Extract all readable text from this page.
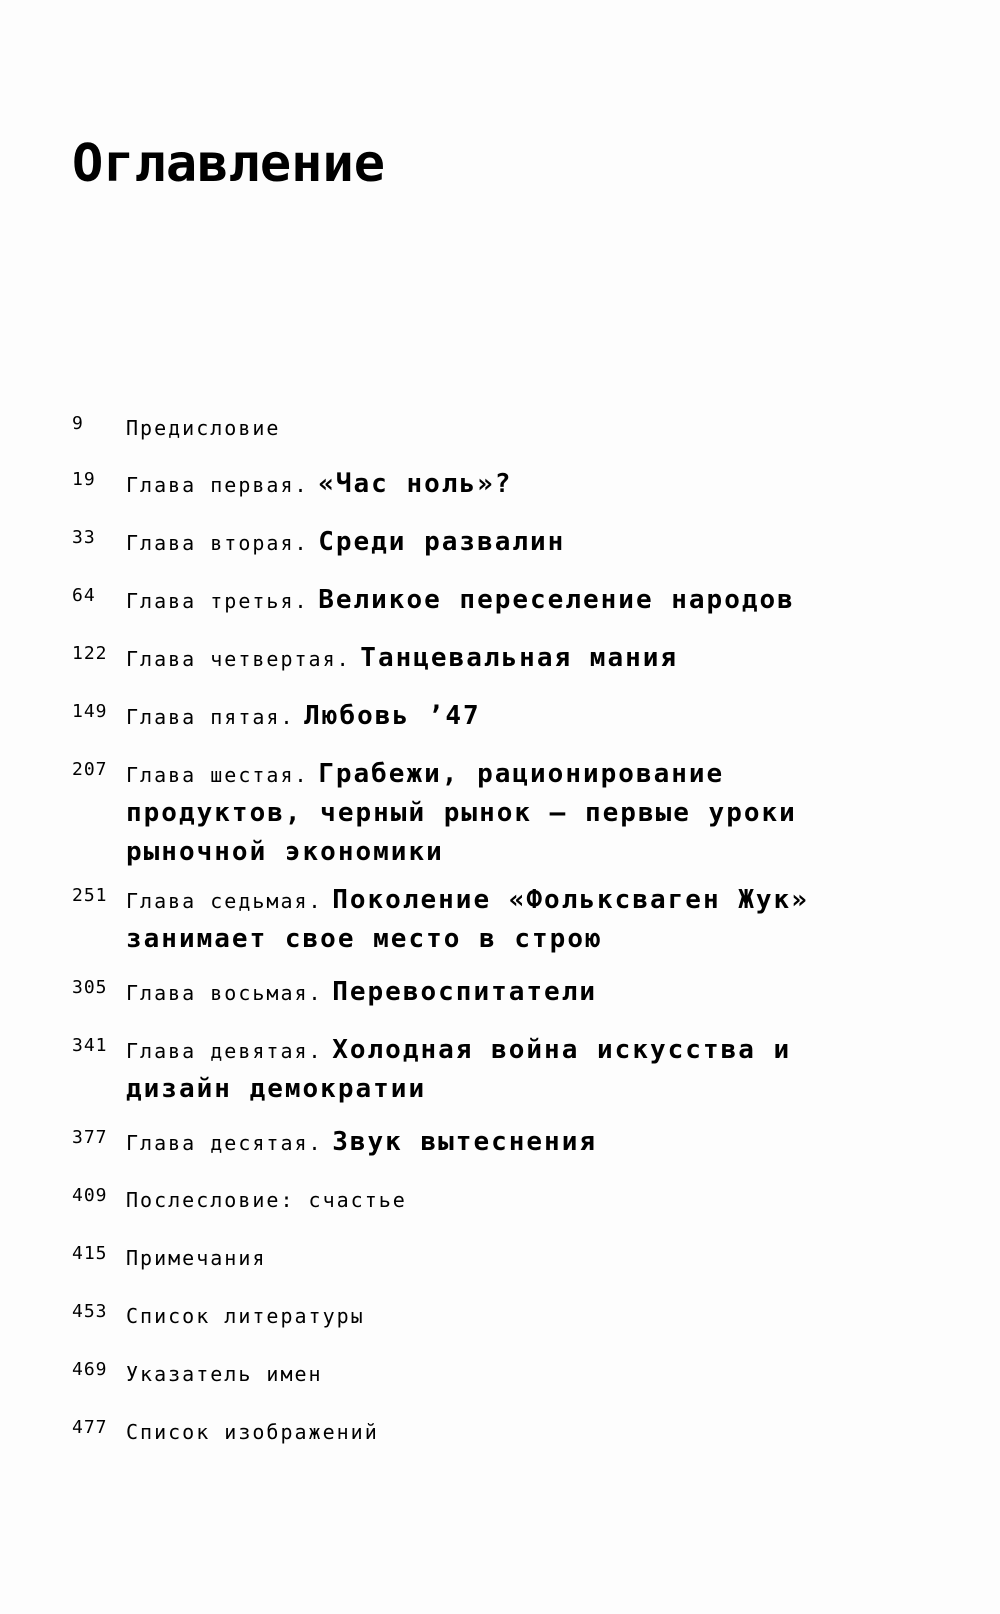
Оглавление
9	Предисловие
19	Глава первая. «Час ноль»?
33	Глава вторая. Среди развалин
64	Глава третья. Великое переселение народов
122 Глава четвертая. Танцевальная мания
149 Глава пятая. Любовь ’47
207 Глава шестая. Грабежи, рационирование продуктов, черный рынок – первые уроки рыночной экономики
251 Глава седьмая. Поколение «Фольксваген Жук» занимает свое место в строю
305 Глава восьмая. Перевоспитатели
341 Глава девятая. Холодная война искусства и дизайн демократии
377 Глава десятая. Звук вытеснения
409 Послесловие: счастье
415 Примечания
453 Список литературы
469 Указатель имен
477 Список изображений
